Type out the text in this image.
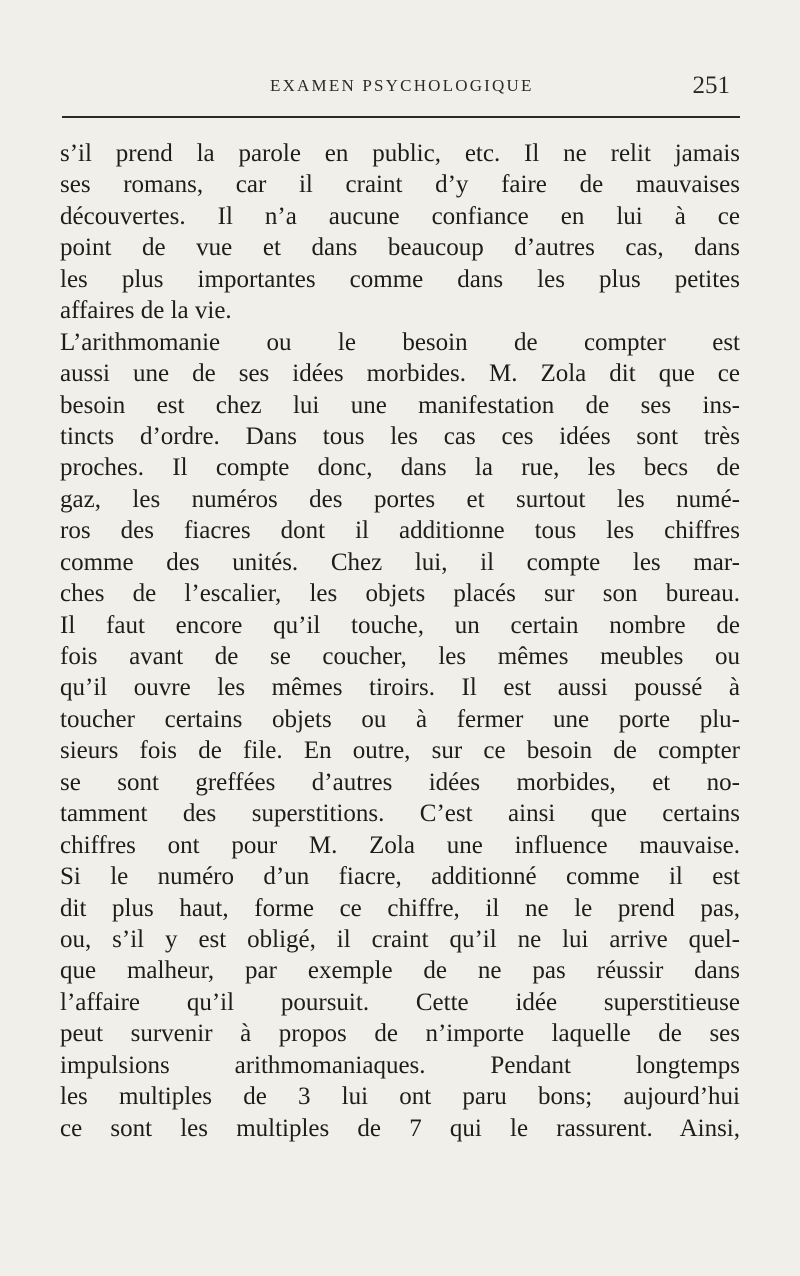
EXAMEN PSYCHOLOGIQUE	251
s’il prend la parole en public, etc. Il ne relit jamais
ses romans, car il craint d’y faire de mauvaises
découvertes. Il n’a aucune confiance en lui à ce
point de vue et dans beaucoup d’autres cas, dans
les plus importantes comme dans les plus petites
affaires de la vie.
L’arithmomanie ou le besoin de compter est
aussi une de ses idées morbides. M. Zola dit que ce
besoin est chez lui une manifestation de ses ins-
tincts d’ordre. Dans tous les cas ces idées sont très
proches. Il compte donc, dans la rue, les becs de
gaz, les numéros des portes et surtout les numé-
ros des fiacres dont il additionne tous les chiffres
comme des unités. Chez lui, il compte les mar-
ches de l’escalier, les objets placés sur son bureau.
Il faut encore qu’il touche, un certain nombre de
fois avant de se coucher, les mêmes meubles ou
qu’il ouvre les mêmes tiroirs. Il est aussi poussé à
toucher certains objets ou à fermer une porte plu-
sieurs fois de file. En outre, sur ce besoin de compter
se sont greffées d’autres idées morbides, et no-
tamment des superstitions. C’est ainsi que certains
chiffres ont pour M. Zola une influence mauvaise.
Si le numéro d’un fiacre, additionné comme il est
dit plus haut, forme ce chiffre, il ne le prend pas,
ou, s’il y est obligé, il craint qu’il ne lui arrive quel-
que malheur, par exemple de ne pas réussir dans
l’affaire qu’il poursuit. Cette idée superstitieuse
peut survenir à propos de n’importe laquelle de ses
impulsions arithmomaniaques. Pendant longtemps
les multiples de 3 lui ont paru bons; aujourd’hui
ce sont les multiples de 7 qui le rassurent. Ainsi,
